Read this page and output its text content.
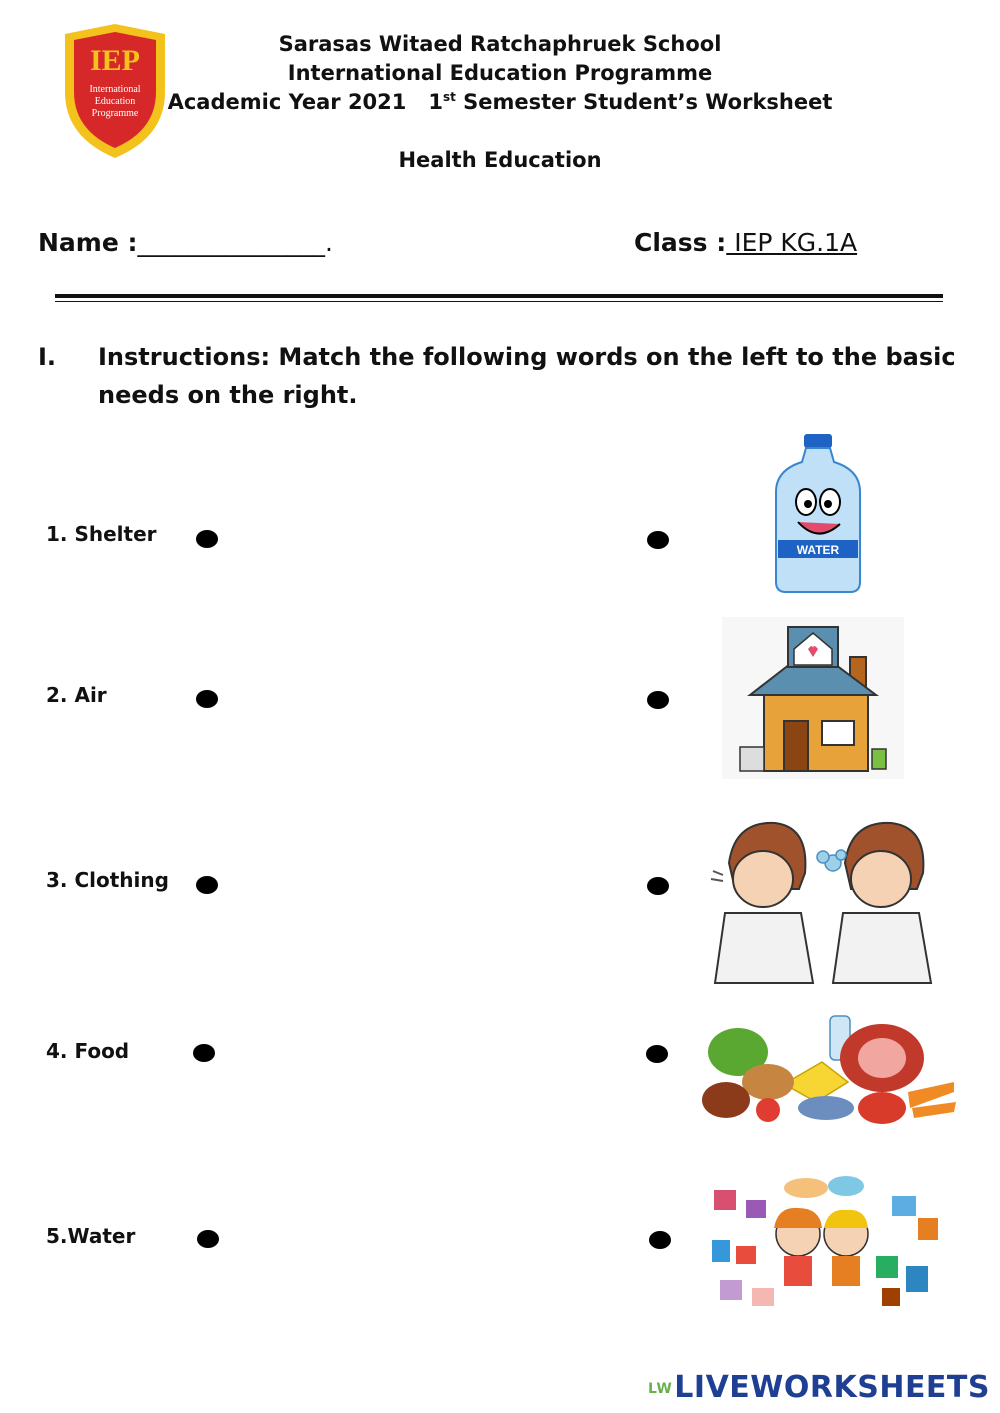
IEP
International
Education
Programme
Sarasas Witaed Ratchaphruek School
International Education Programme
Academic Year 2021 1st Semester Student’s Worksheet
Health Education
Name :_______________.	Class : IEP KG.1A
I. Instructions: Match the following words on the left to the basic
needs on the right.
1. Shelter
2. Air
3. Clothing
4. Food
5.Water
WATER
LWLIVEWORKSHEETS
